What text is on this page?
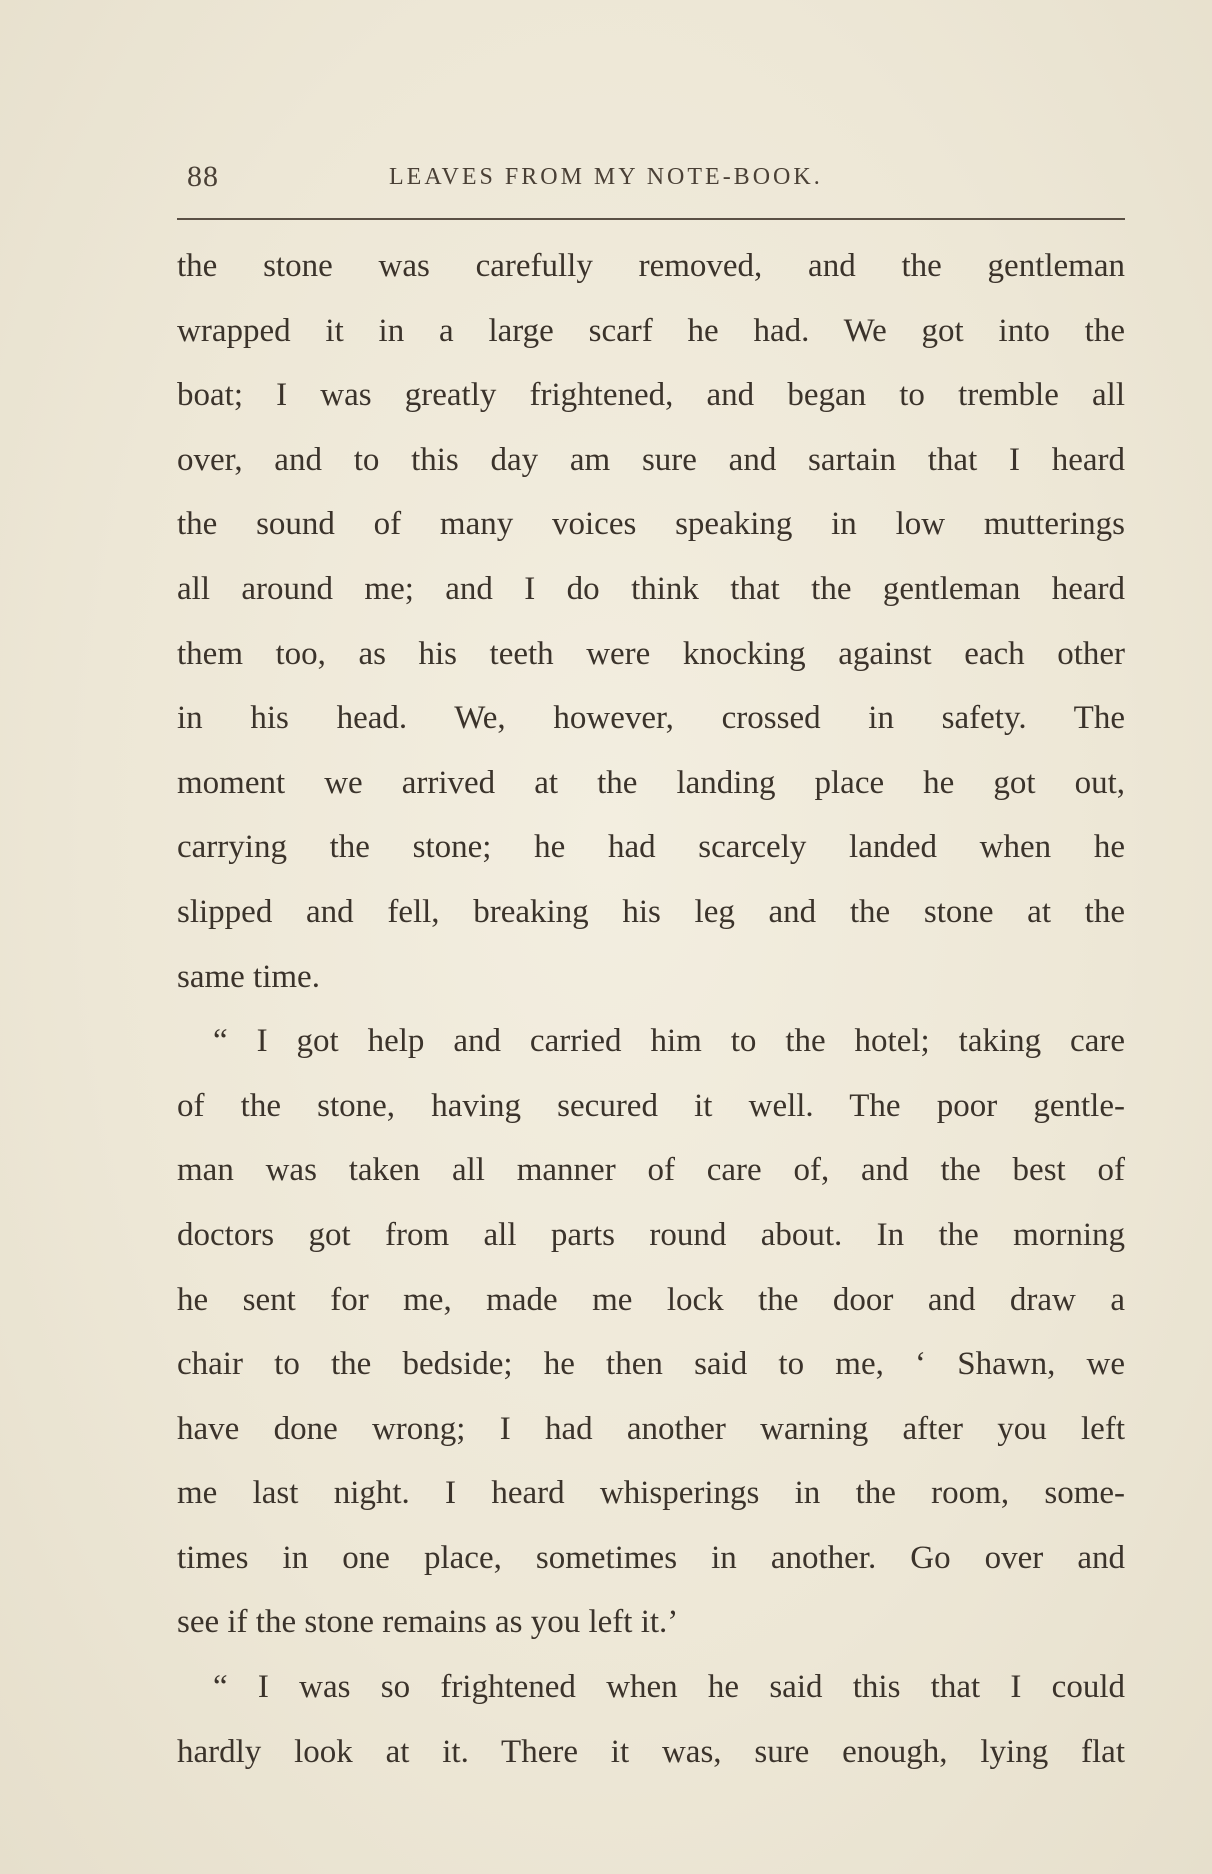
88	LEAVES FROM MY NOTE-BOOK.
the stone was carefully removed, and the gentleman
wrapped it in a large scarf he had. We got into the
boat; I was greatly frightened, and began to tremble all
over, and to this day am sure and sartain that I heard
the sound of many voices speaking in low mutterings
all around me; and I do think that the gentleman heard
them too, as his teeth were knocking against each other
in his head. We, however, crossed in safety. The
moment we arrived at the landing place he got out,
carrying the stone; he had scarcely landed when he
slipped and fell, breaking his leg and the stone at the
same time.
“ I got help and carried him to the hotel; taking care
of the stone, having secured it well. The poor gentle-
man was taken all manner of care of, and the best of
doctors got from all parts round about. In the morning
he sent for me, made me lock the door and draw a
chair to the bedside; he then said to me, ‘ Shawn, we
have done wrong; I had another warning after you left
me last night. I heard whisperings in the room, some-
times in one place, sometimes in another. Go over and
see if the stone remains as you left it.’
“ I was so frightened when he said this that I could
hardly look at it. There it was, sure enough, lying flat
